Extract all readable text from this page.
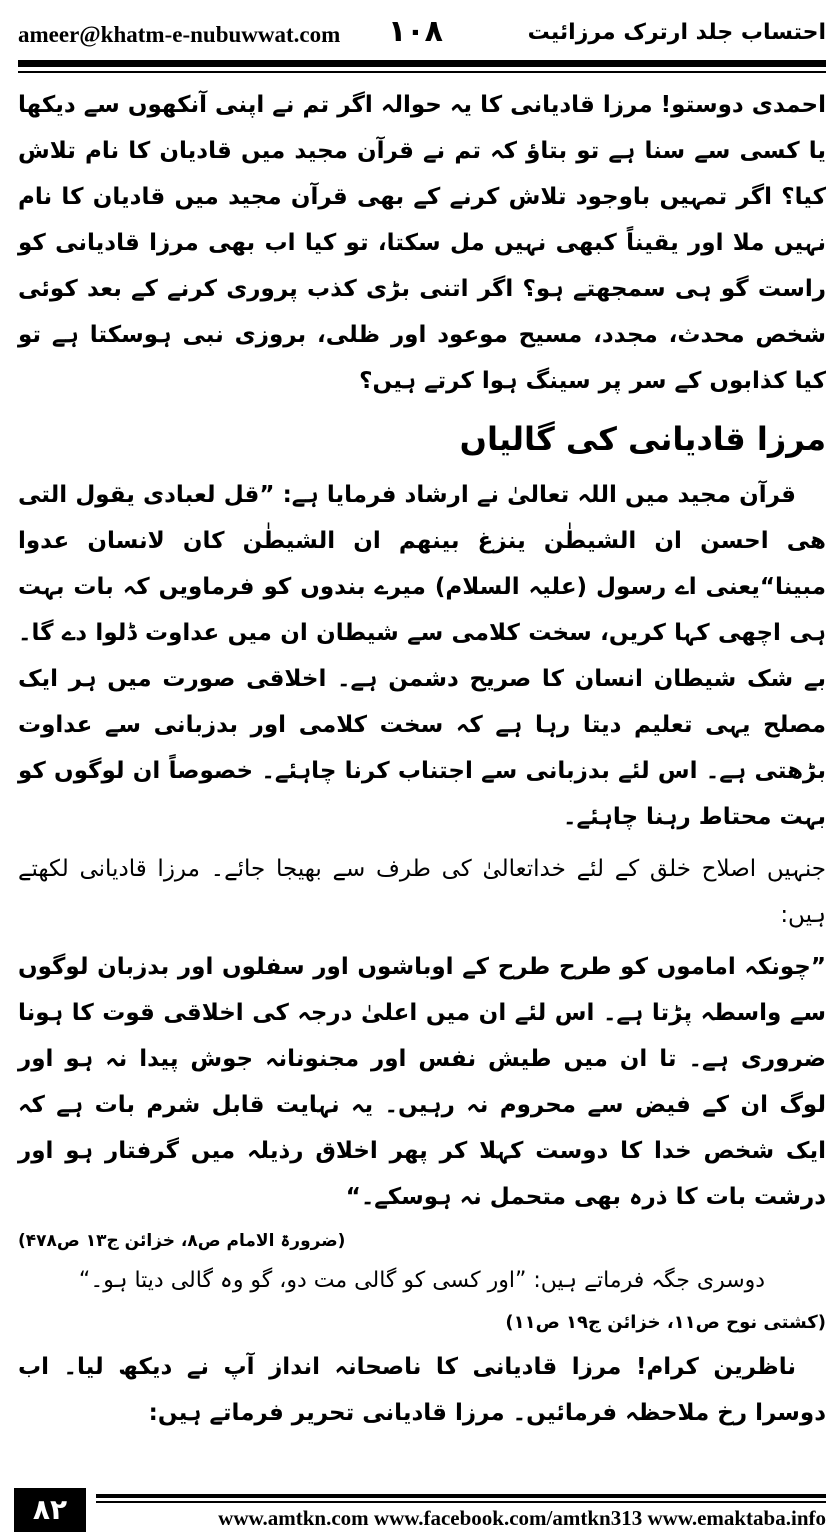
ameer@khatm-e-nubuwwat.com ۱۰۸	احتساب جلد ارترک مرزائیت

احمدی دوستو! مرزا قادیانی کا یہ حوالہ اگر تم نے اپنی آنکھوں سے دیکھا یا کسی سے سنا ہے تو بتاؤ کہ تم نے قرآن مجید میں قادیان کا نام تلاش کیا؟ اگر تمہیں باوجود تلاش کرنے کے بھی قرآن مجید میں قادیان کا نام نہیں ملا اور یقیناً کبھی نہیں مل سکتا، تو کیا اب بھی مرزا قادیانی کو راست گو ہی سمجھتے ہو؟ اگر اتنی بڑی کذب پروری کرنے کے بعد کوئی شخص محدث، مجدد، مسیح موعود اور ظلی، بروزی نبی ہوسکتا ہے تو کیا کذابوں کے سر پر سینگ ہوا کرتے ہیں؟

مرزا قادیانی کی گالیاں

قرآن مجید میں اللہ تعالیٰ نے ارشاد فرمایا ہے: ”قل لعبادی یقول التی ھی احسن ان الشیطٰن ینزغ بینھم ان الشیطٰن کان لانسان عدوا مبینا“یعنی اے رسول (علیہ السلام) میرے بندوں کو فرماویں کہ بات بہت ہی اچھی کہا کریں، سخت کلامی سے شیطان ان میں عداوت ڈلوا دے گا۔ بے شک شیطان انسان کا صریح دشمن ہے۔ اخلاقی صورت میں ہر ایک مصلح یہی تعلیم دیتا رہا ہے کہ سخت کلامی اور بدزبانی سے عداوت بڑھتی ہے۔ اس لئے بدزبانی سے اجتناب کرنا چاہئے۔ خصوصاً ان لوگوں کو بہت محتاط رہنا چاہئے۔

جنہیں اصلاح خلق کے لئے خداتعالیٰ کی طرف سے بھیجا جائے۔ مرزا قادیانی لکھتے ہیں:

”چونکہ اماموں کو طرح طرح کے اوباشوں اور سفلوں اور بدزبان لوگوں سے واسطہ پڑتا ہے۔ اس لئے ان میں اعلیٰ درجہ کی اخلاقی قوت کا ہونا ضروری ہے۔ تا ان میں طیش نفس اور مجنونانہ جوش پیدا نہ ہو اور لوگ ان کے فیض سے محروم نہ رہیں۔ یہ نہایت قابل شرم بات ہے کہ ایک شخص خدا کا دوست کہلا کر پھر اخلاق رذیلہ میں گرفتار ہو اور درشت بات کا ذرہ بھی متحمل نہ ہوسکے۔“

(ضرورۃ الامام ص۸، خزائن ج۱۳ ص۴۷۸)
دوسری جگہ فرماتے ہیں: ”اور کسی کو گالی مت دو، گو وہ گالی دیتا ہو۔“
(کشتی نوح ص۱۱، خزائن ج۱۹ ص۱۱)

ناظرین کرام! مرزا قادیانی کا ناصحانہ انداز آپ نے دیکھ لیا۔ اب دوسرا رخ ملاحظہ فرمائیں۔ مرزا قادیانی تحریر فرماتے ہیں:

۸۲	www.amtkn.com www.facebook.com/amtkn313 www.emaktaba.info
